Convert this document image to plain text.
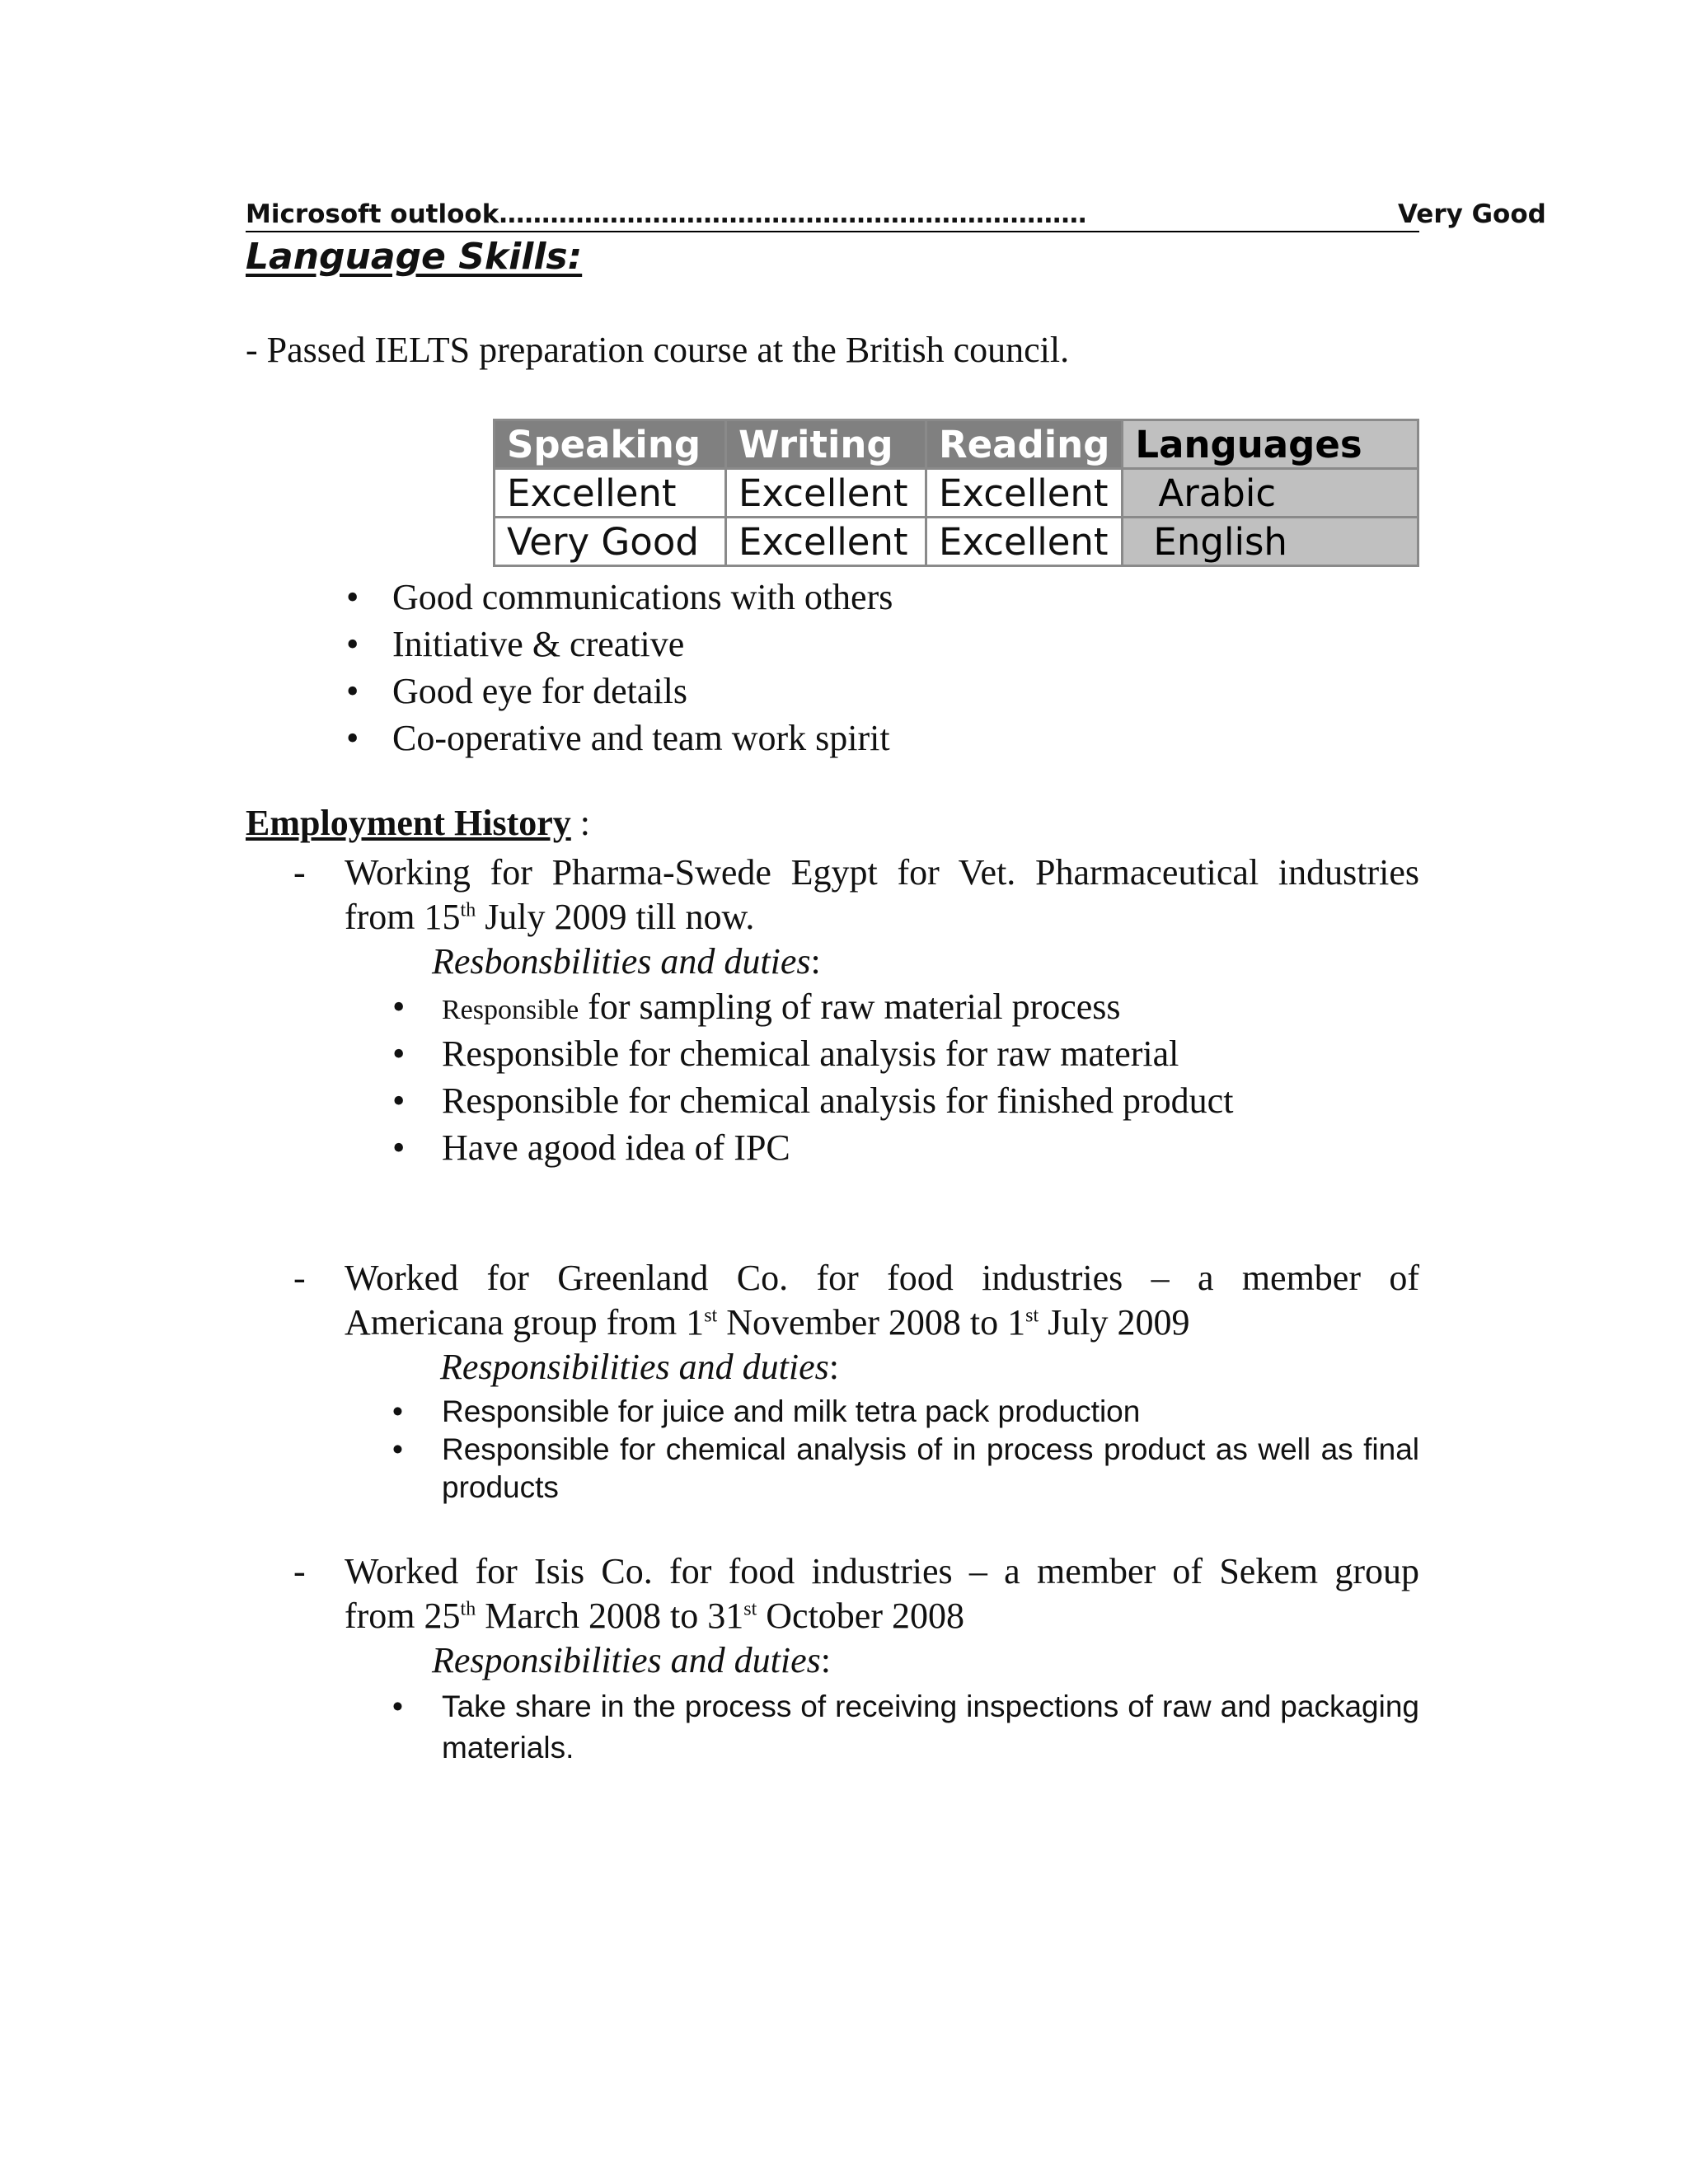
Microsoft outlook……………………………………………………………	Very Good
Language Skills:
- Passed IELTS preparation course at the British council.
Speaking	Writing	Reading	Languages
Excellent	Excellent	Excellent	Arabic
Very Good	Excellent	Excellent	English
• Good communications with others
• Initiative & creative
• Good eye for details
• Co-operative and team work spirit
Employment History :
- Working for Pharma-Swede Egypt for Vet. Pharmaceutical industries
from 15th July 2009 till now.
Resbonsbilities and duties:
• Responsible for sampling of raw material process
• Responsible for chemical analysis for raw material
• Responsible for chemical analysis for finished product
• Have agood idea of IPC
- Worked for Greenland Co. for food industries – a member of
Americana group from 1st November 2008 to 1st July 2009
Responsibilities and duties:
• Responsible for juice and milk tetra pack production
• Responsible for chemical analysis of in process product as well as final products
- Worked for Isis Co. for food industries – a member of Sekem group
from 25th March 2008 to 31st October 2008
Responsibilities and duties:
• Take share in the process of receiving inspections of raw and packaging materials.
